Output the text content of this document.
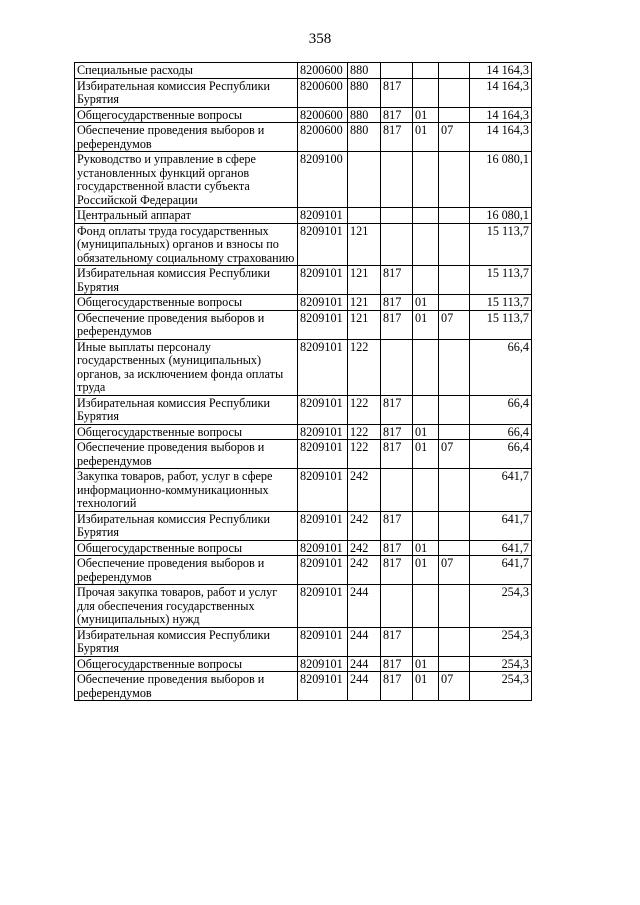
358
Специальные расходы	8200600	880				14 164,3
Избирательная комиссия Республики Бурятия	8200600	880	817			14 164,3
Общегосударственные вопросы	8200600	880	817	01		14 164,3
Обеспечение проведения выборов и референдумов	8200600	880	817	01	07	14 164,3
Руководство и управление в сфере установленных функций органов государственной власти субъекта Российской Федерации	8209100					16 080,1
Центральный аппарат	8209101					16 080,1
Фонд оплаты труда государственных (муниципальных) органов и взносы по обязательному социальному страхованию	8209101	121				15 113,7
Избирательная комиссия Республики Бурятия	8209101	121	817			15 113,7
Общегосударственные вопросы	8209101	121	817	01		15 113,7
Обеспечение проведения выборов и референдумов	8209101	121	817	01	07	15 113,7
Иные выплаты персоналу государственных (муниципальных) органов, за исключением фонда оплаты труда	8209101	122				66,4
Избирательная комиссия Республики Бурятия	8209101	122	817			66,4
Общегосударственные вопросы	8209101	122	817	01		66,4
Обеспечение проведения выборов и референдумов	8209101	122	817	01	07	66,4
Закупка товаров, работ, услуг в сфере информационно-коммуникационных технологий	8209101	242				641,7
Избирательная комиссия Республики Бурятия	8209101	242	817			641,7
Общегосударственные вопросы	8209101	242	817	01		641,7
Обеспечение проведения выборов и референдумов	8209101	242	817	01	07	641,7
Прочая закупка товаров, работ и услуг для обеспечения государственных (муниципальных) нужд	8209101	244				254,3
Избирательная комиссия Республики Бурятия	8209101	244	817			254,3
Общегосударственные вопросы	8209101	244	817	01		254,3
Обеспечение проведения выборов и референдумов	8209101	244	817	01	07	254,3
